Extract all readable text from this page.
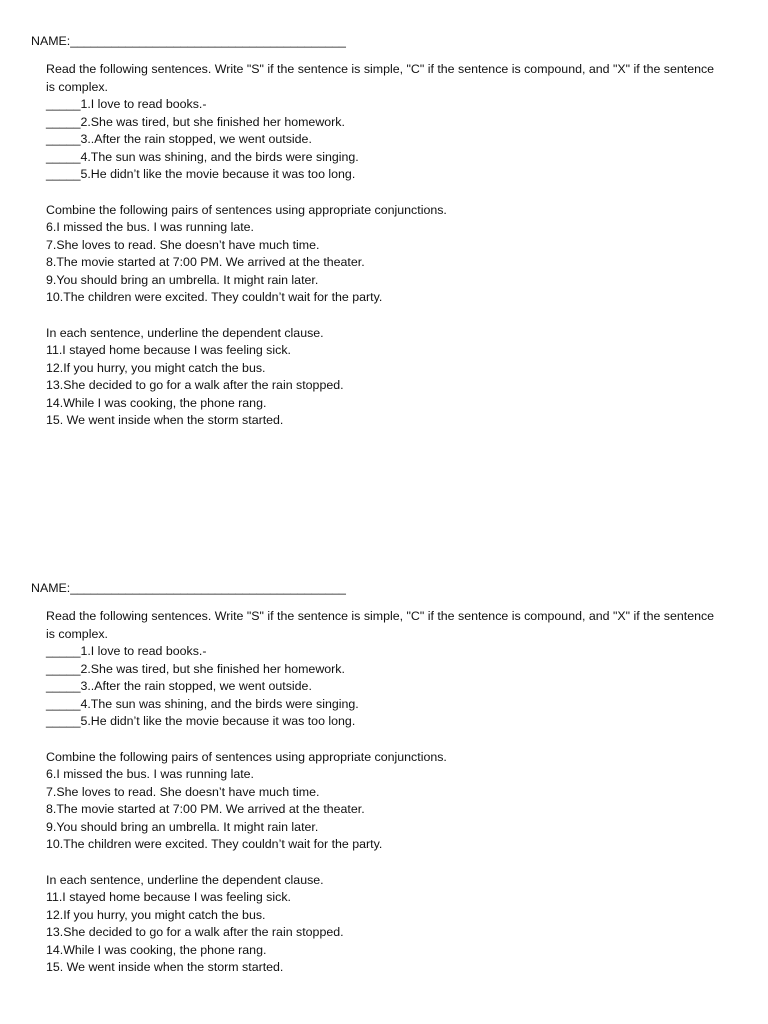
NAME:________________________________________
Read the following sentences. Write "S" if the sentence is simple, "C" if the sentence is compound, and "X" if the sentence is complex.
_____1.I love to read books.-
_____2.She was tired, but she finished her homework.
_____3..After the rain stopped, we went outside.
_____4.The sun was shining, and the birds were singing.
_____5.He didn’t like the movie because it was too long.
Combine the following pairs of sentences using appropriate conjunctions.
6.I missed the bus. I was running late.
7.She loves to read. She doesn’t have much time.
8.The movie started at 7:00 PM. We arrived at the theater.
9.You should bring an umbrella. It might rain later.
10.The children were excited. They couldn’t wait for the party.
In each sentence, underline the dependent clause.
11.I stayed home because I was feeling sick.
12.If you hurry, you might catch the bus.
13.She decided to go for a walk after the rain stopped.
14.While I was cooking, the phone rang.
15. We went inside when the storm started.
NAME:________________________________________
Read the following sentences. Write "S" if the sentence is simple, "C" if the sentence is compound, and "X" if the sentence is complex.
_____1.I love to read books.-
_____2.She was tired, but she finished her homework.
_____3..After the rain stopped, we went outside.
_____4.The sun was shining, and the birds were singing.
_____5.He didn’t like the movie because it was too long.
Combine the following pairs of sentences using appropriate conjunctions.
6.I missed the bus. I was running late.
7.She loves to read. She doesn’t have much time.
8.The movie started at 7:00 PM. We arrived at the theater.
9.You should bring an umbrella. It might rain later.
10.The children were excited. They couldn’t wait for the party.
In each sentence, underline the dependent clause.
11.I stayed home because I was feeling sick.
12.If you hurry, you might catch the bus.
13.She decided to go for a walk after the rain stopped.
14.While I was cooking, the phone rang.
15. We went inside when the storm started.
